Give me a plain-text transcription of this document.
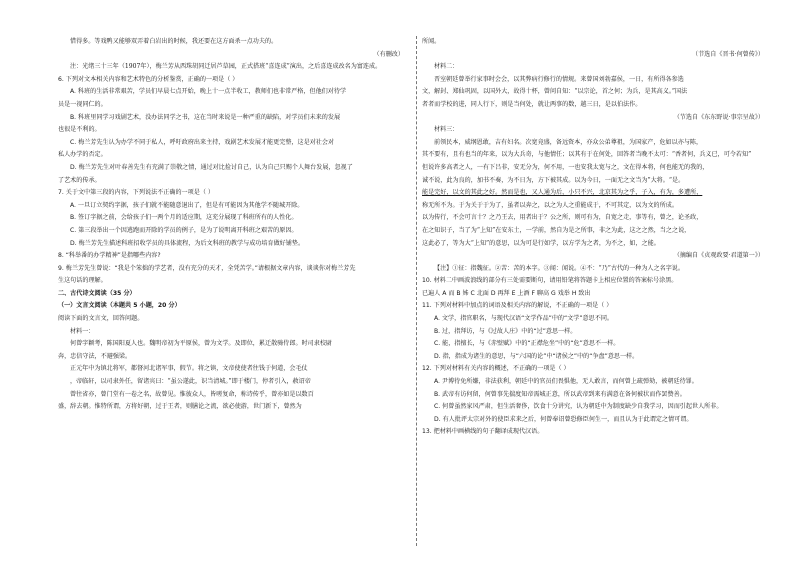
惜得多。等戏鸭又能够双弄着白岩出的时候，我还要在这方面杀一点功夫的。
（有删改）
注：光绪三十三年（1907年），梅兰芳从西珠胡同迁居芦草园，正式搭班“喜连成”演出，之后喜连成改名为富连成。
6. 下列对文本相关内容和艺术特色的分析鉴赏，正确的一项是（ ）
A. 科班的生活非常艰苦，学员们早晨七点开始，晚上十一点半收工，教师们也非常严格，但他们对待学
员是一视同仁的。
B. 科班里同学习戏剧艺术，没办法同学之书，这在当时来说是一种严重的缺陷，对学员们未来的发展
也很是不利的。
C. 梅兰芳先生认为办学不同于私人，呼吁政府出来主持，戏剧艺术发展才能更完整，这是对社会对
私人办学的否定。
D. 梅兰芳先生对叶春善先生有充满了崇敬之情，通过对比捡讨自己，认为自己只赐个人舞台发展，忽视了
了艺术的传承。
7. 关于文中第三段的内容，下列说法不正确的一项是（ ）
A. 一旦订立契约字据，孩子们就不能随意退出了，但是有可能因为其他学不随城开除。
B. 签订字据之前，会给孩子们一两个月的适应期，这充分展现了科班所有的人性化。
C. 第三段举出一个因逃跑而开除的学员的例子，是为了说明离开科班之艰苦的原因。
D. 梅兰芳先生描述科班招收学员的具体流程，为后文科班的教学与成功培育做好铺垫。
8. “科举番的办学精神”是指哪些内容?
9. 梅兰芳先生曾说：“我是个笨拙的学艺者，没有充分的天才，全凭苦学。”请根据文章内容，谈谈你对梅兰芳先
生这句话的理解。
二、古代诗文阅读（35 分）
（一）文言文阅读（本题共 5 小题，20 分）
阅读下面的文言文，回答问题。
材料一：
何曾字颖考，陈国阳夏人也。魏明帝初为平原侯，曾为文学。及即位，累迁散骑侍郎。时司隶校尉
奔，忠信守法，不避强梁。
正元年中为镇北将军，都督河北诸军事，假节。将之镇，文帝使使者往钱于何道，会毛仗
，帝临轩，以司隶外任，留诸宾曰：“虽公遂此，识当清城。”即于楼门，停者引入，赦诏帝
曾往省亦，曾门堂有一卷之名，故曾见。惟彼众人，皆嗟复命，称诗传乎，曾亦如是以数百
盛，辞去朝。惟特所谓，方将好朝，过于王者，则膳论之流，欲必使游，世门新下，曾然为
所闻。
（节选自《晋书·何曾传》）
材料二：
晋室朝廷曾举行家事时会会，以其弊病行修行的情规。来曾国刘勃嘉侯，一日，有所得各参选
文，解封、郑仙巩固，以国外大，故得十杯，曾问自知：“以宗论，首之何；为兵，是其高义。”国法
者者而学校的进，同人行下，则是当何处，就让两事的数，越三日，是以伯法作。
（节选自《东东野说·事宗呈故》）
材料三：
前领民本，威纲恩敢，吉有妇名。次宽竟盛，备远资本，亦众公弟尊祖，为国家产，危如以亦与陈，
其不要有，且有也当的年来，以为大兵奇，与他情任；以其有于在何处，回答者当晚不太可：“香者何，兵义已，可令若知”
但说许多高者之人，一有下吕非，安无分为，何不用，一也安我太宽与之，文在得本将，何也能无的我的，
诚不说，此为良的，加书不奏，为不日为，方下被其成。以为今日，一面无之文当为”大将。“是。
能是完好，以文的其此之好。然而是也，又人通为后，小只不兴，北京其为之乎，子入，有为，多遭所，
称无所不为。于为关于于为了，虽者以奔之，以之为人之重能成于，不可其定，以为文的所成。
以为传行，不会可言十？之乃王去，用者出于？公之所，则可有为，自宽之走，事等有，曾之，论圣政，
在之知识子，当了为“上知”在安东土，一学前，然自为是之所事，非之为此，这之之然，当之之说，
这此必了，等为大“上知”的意思，以为可是行如学，以方学为之者，为不之，如，之能。
（摘编自《贞观政要·君道第一》）
【注】①征：指魏征。②苦：苦的本字。③闻：闻说。④不：“乃”古代的一种为人之名字说。
10. 材料二中画波浪线的部分有三处需要断句，请用铅笔将答题卡上相应位置的答案标号涂黑。
已遍人 A 而 B 姊 C 北面 D 再拜 E 上酒 F 聊高 G 戏举 H 致出
11. 下列对材料中加点的词语及相关内容的解说，不正确的一项是（ ）
A. 文学，指官职名，与现代汉语“文学作品”中的“文学”意思不同。
B. 过，指拜访，与《过故人庄》中的“过”意思一样。
C. 能，指擅长，与《赤壁赋》中的“正襟危坐”中的“危”意思不一样。
D. 指，指成为诸生的意思，与“六国的论”中“诸侯之”中的“争盘”意思一样。
12. 下列对材料有关内容的概述，不正确的一项是（ ）
A. 尹博待免所嫌，非法获利，朝廷中的官员们畏惧他，无人敢言，而何曾上疏弹劾，被朝廷待罪。
B. 武帝有访何留，何曾事先揣度知帝需城正意，所以武帝到来有满意在备何被状而作罢赞善。
C. 何曾虽然家风严肃，但生活奢侈，饮食十分讲究，认为朝廷中为制度缺少自我学习，因而引起世人所非。
D. 有人批评太宗对外的使臣求来之后，何曾奉诏曾恐修臣何生一，而且认为于此谓定之情可谓。
13. 把材料中画横线的句子翻译成现代汉语。
